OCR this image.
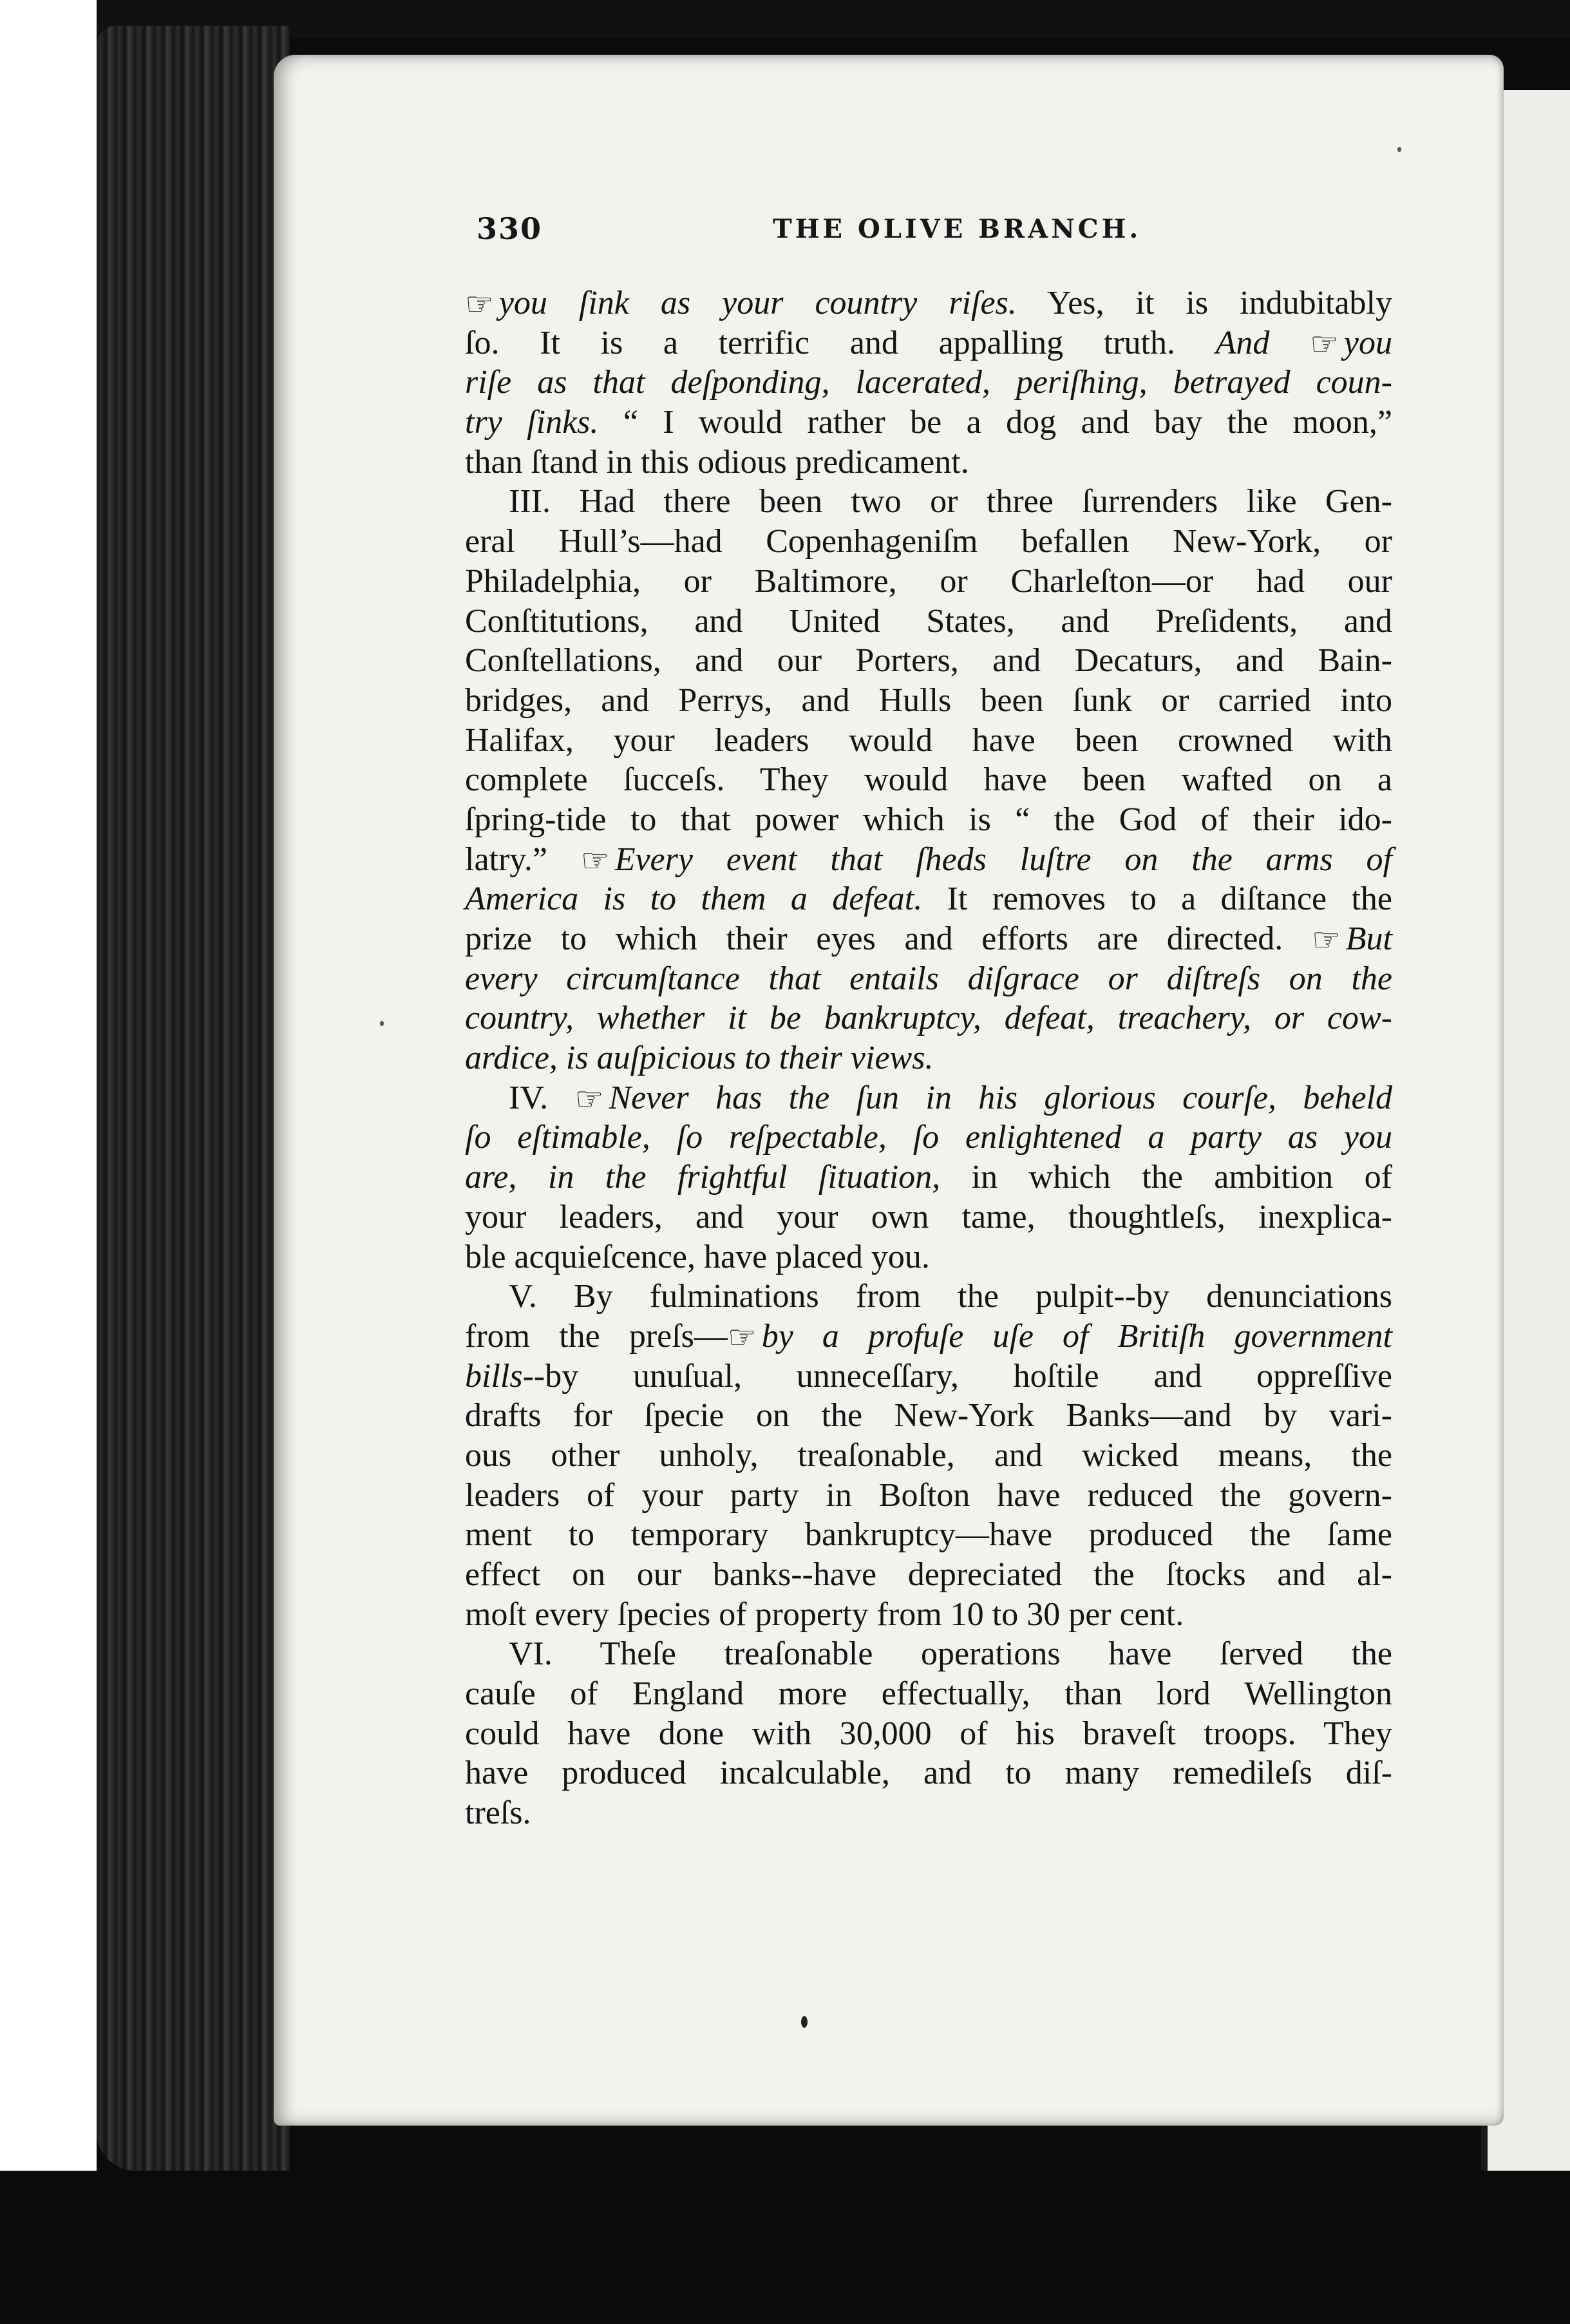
330	THE OLIVE BRANCH.
☞ you ſink as your country riſes. Yes, it is indubitably
ſo. It is a terrific and appalling truth. And ☞ you
riſe as that deſponding, lacerated, periſhing, betrayed coun-
try ſinks. “ I would rather be a dog and bay the moon,”
than ſtand in this odious predicament.
III. Had there been two or three ſurrenders like Gen-
eral Hull’s—had Copenhageniſm befallen New-York, or
Philadelphia, or Baltimore, or Charleſton—or had our
Conſtitutions, and United States, and Preſidents, and
Conſtellations, and our Porters, and Decaturs, and Bain-
bridges, and Perrys, and Hulls been ſunk or carried into
Halifax, your leaders would have been crowned with
complete ſucceſs. They would have been wafted on a
ſpring-tide to that power which is “ the God of their ido-
latry.” ☞ Every event that ſheds luſtre on the arms of
America is to them a defeat. It removes to a diſtance the
prize to which their eyes and efforts are directed. ☞ But
every circumſtance that entails diſgrace or diſtreſs on the
country, whether it be bankruptcy, defeat, treachery, or cow-
ardice, is auſpicious to their views.
IV. ☞ Never has the ſun in his glorious courſe, beheld
ſo eſtimable, ſo reſpectable, ſo enlightened a party as you
are, in the frightful ſituation, in which the ambition of
your leaders, and your own tame, thoughtleſs, inexplica-
ble acquieſcence, have placed you.
V. By fulminations from the pulpit--by denunciations
from the preſs—☞ by a profuſe uſe of Britiſh government
bills--by unuſual, unneceſſary, hoſtile and oppreſſive
drafts for ſpecie on the New-York Banks—and by vari-
ous other unholy, treaſonable, and wicked means, the
leaders of your party in Boſton have reduced the govern-
ment to temporary bankruptcy—have produced the ſame
effect on our banks--have depreciated the ſtocks and al-
moſt every ſpecies of property from 10 to 30 per cent.
VI. Theſe treaſonable operations have ſerved the
cauſe of England more effectually, than lord Wellington
could have done with 30,000 of his braveſt troops. They
have produced incalculable, and to many remedileſs diſ-
treſs.
